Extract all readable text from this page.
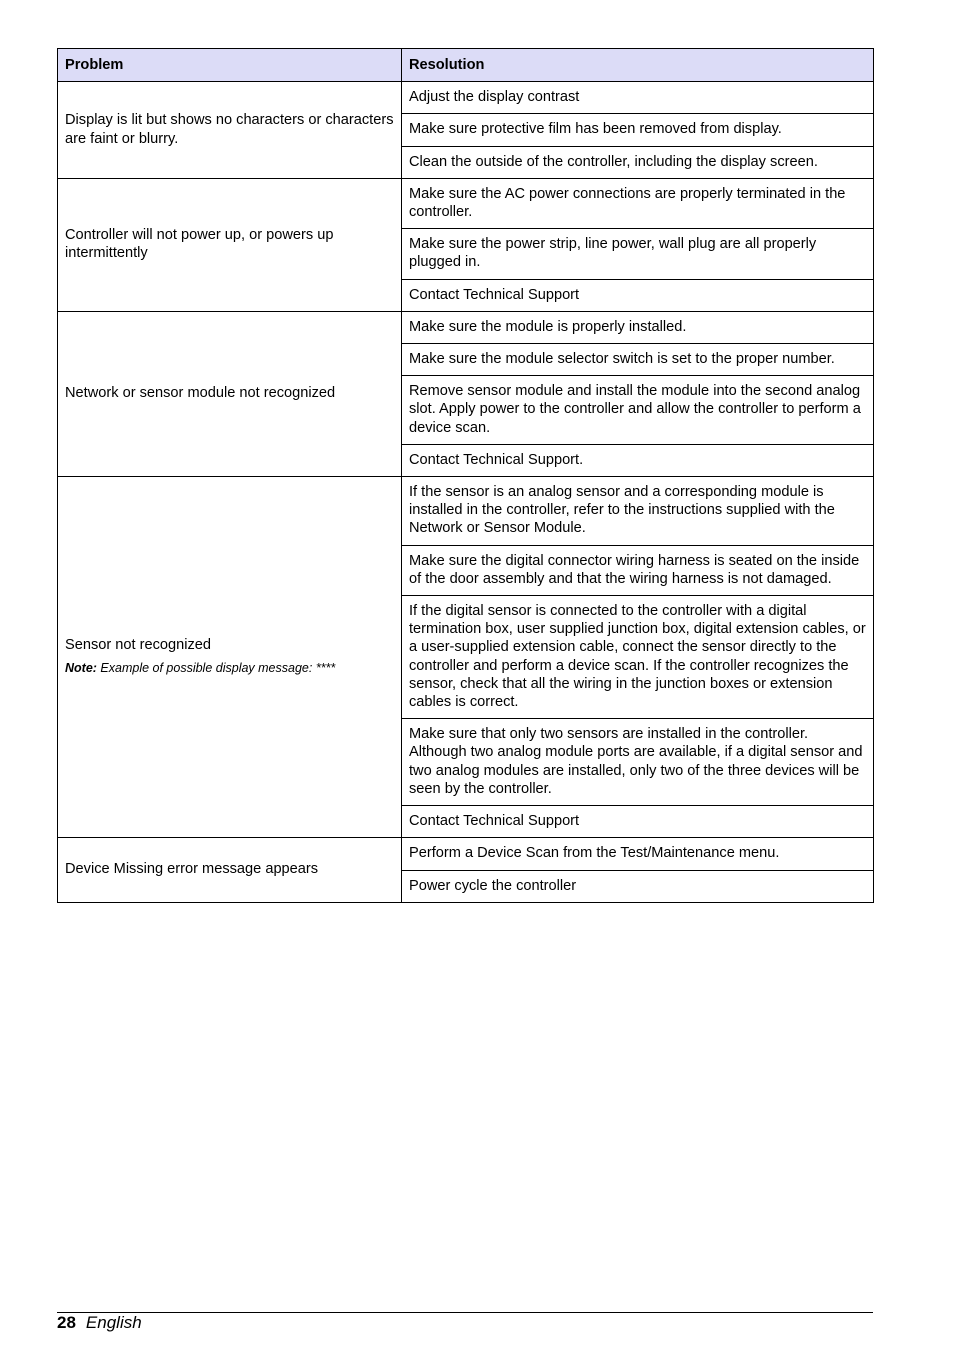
Problem	Resolution
Display is lit but shows no characters or characters are faint or blurry.	Adjust the display contrast
	Make sure protective film has been removed from display.
	Clean the outside of the controller, including the display screen.
Controller will not power up, or powers up intermittently	Make sure the AC power connections are properly terminated in the controller.
	Make sure the power strip, line power, wall plug are all properly plugged in.
	Contact Technical Support
Network or sensor module not recognized	Make sure the module is properly installed.
	Make sure the module selector switch is set to the proper number.
	Remove sensor module and install the module into the second analog slot. Apply power to the controller and allow the controller to perform a device scan.
	Contact Technical Support.
Sensor not recognized
Note: Example of possible display message: ****	If the sensor is an analog sensor and a corresponding module is installed in the controller, refer to the instructions supplied with the Network or Sensor Module.
	Make sure the digital connector wiring harness is seated on the inside of the door assembly and that the wiring harness is not damaged.
	If the digital sensor is connected to the controller with a digital termination box, user supplied junction box, digital extension cables, or a user-supplied extension cable, connect the sensor directly to the controller and perform a device scan. If the controller recognizes the sensor, check that all the wiring in the junction boxes or extension cables is correct.
	Make sure that only two sensors are installed in the controller. Although two analog module ports are available, if a digital sensor and two analog modules are installed, only two of the three devices will be seen by the controller.
	Contact Technical Support
Device Missing error message appears	Perform a Device Scan from the Test/Maintenance menu.
	Power cycle the controller
28 English
